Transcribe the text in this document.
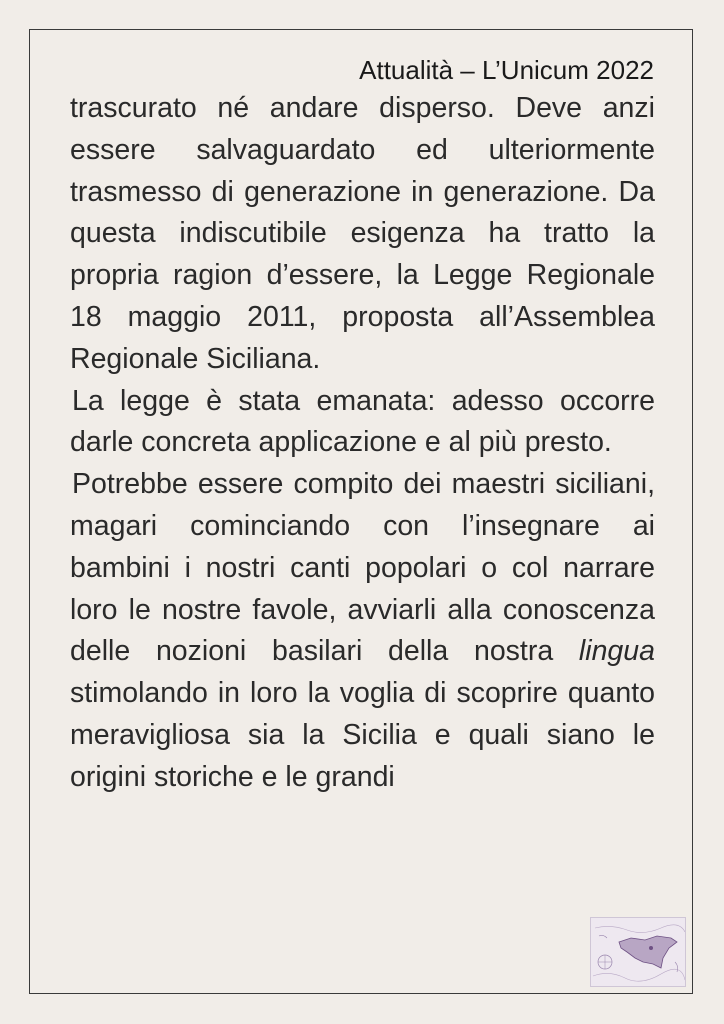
Attualità – L’Unicum 2022

trascurato né andare disperso. Deve anzi essere salvaguardato ed ulteriormente trasmesso di generazione in generazione. Da questa indiscutibile esigenza ha tratto la propria ragion d’essere, la Legge Regionale 18 maggio 2011, proposta all’Assemblea Regionale Siciliana.

La legge è stata emanata: adesso occorre darle concreta applicazione e al più presto.

Potrebbe essere compito dei maestri siciliani, magari cominciando con l’insegnare ai bambini i nostri canti popolari o col narrare loro le nostre favole, avviarli alla conoscenza delle nozioni basilari della nostra lingua stimolando in loro la voglia di scoprire quanto meravigliosa sia la Sicilia e quali siano le origini storiche e le grandi
